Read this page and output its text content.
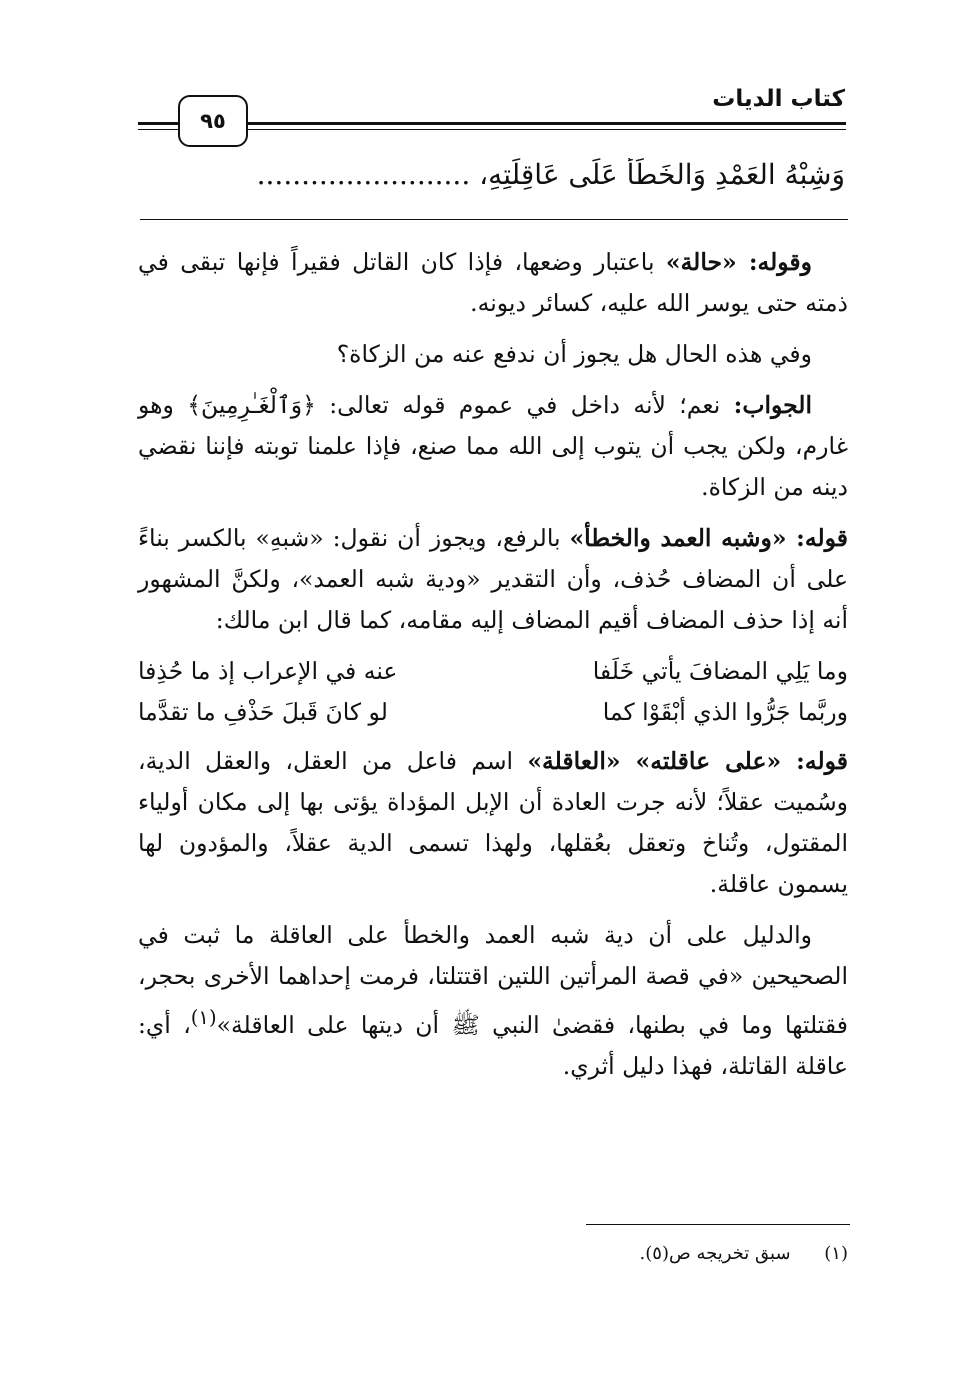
كتاب الديات
٩٥
وَشِبْهُ العَمْدِ وَالخَطَأُ عَلَى عَاقِلَتِهِ، ........................

وقوله: «حالة» باعتبار وضعها، فإذا كان القاتل فقيراً فإنها تبقى في ذمته حتى يوسر الله عليه، كسائر ديونه.

وفي هذه الحال هل يجوز أن ندفع عنه من الزكاة؟

الجواب: نعم؛ لأنه داخل في عموم قوله تعالى: ﴿وَٱلْغَـٰرِمِينَ﴾ وهو غارم، ولكن يجب أن يتوب إلى الله مما صنع، فإذا علمنا توبته فإننا نقضي دينه من الزكاة.

قوله: «وشبه العمد والخطأ» بالرفع، ويجوز أن نقول: «شبهِ» بالكسر بناءً على أن المضاف حُذف، وأن التقدير «ودية شبه العمد»، ولكنَّ المشهور أنه إذا حذف المضاف أقيم المضاف إليه مقامه، كما قال ابن مالك:

وما يَلِي المضافَ يأتي خَلَفا
عنه في الإعراب إذ ما حُذِفا
وربَّما جَرُّوا الذي أبْقَوْا كما
لو كانَ قَبلَ حَذْفِ ما تقدَّما

قوله: «على عاقلته» «العاقلة» اسم فاعل من العقل، والعقل الدية، وسُميت عقلاً؛ لأنه جرت العادة أن الإبل المؤداة يؤتى بها إلى مكان أولياء المقتول، وتُناخ وتعقل بعُقلها، ولهذا تسمى الدية عقلاً، والمؤدون لها يسمون عاقلة.

والدليل على أن دية شبه العمد والخطأ على العاقلة ما ثبت في الصحيحين «في قصة المرأتين اللتين اقتتلتا، فرمت إحداهما الأخرى بحجر، فقتلتها وما في بطنها، فقضىٰ النبي ﷺ أن ديتها على العاقلة»$^{(١)}$، أي: عاقلة القاتلة، فهذا دليل أثري.

(١) سبق تخريجه ص(٥).
